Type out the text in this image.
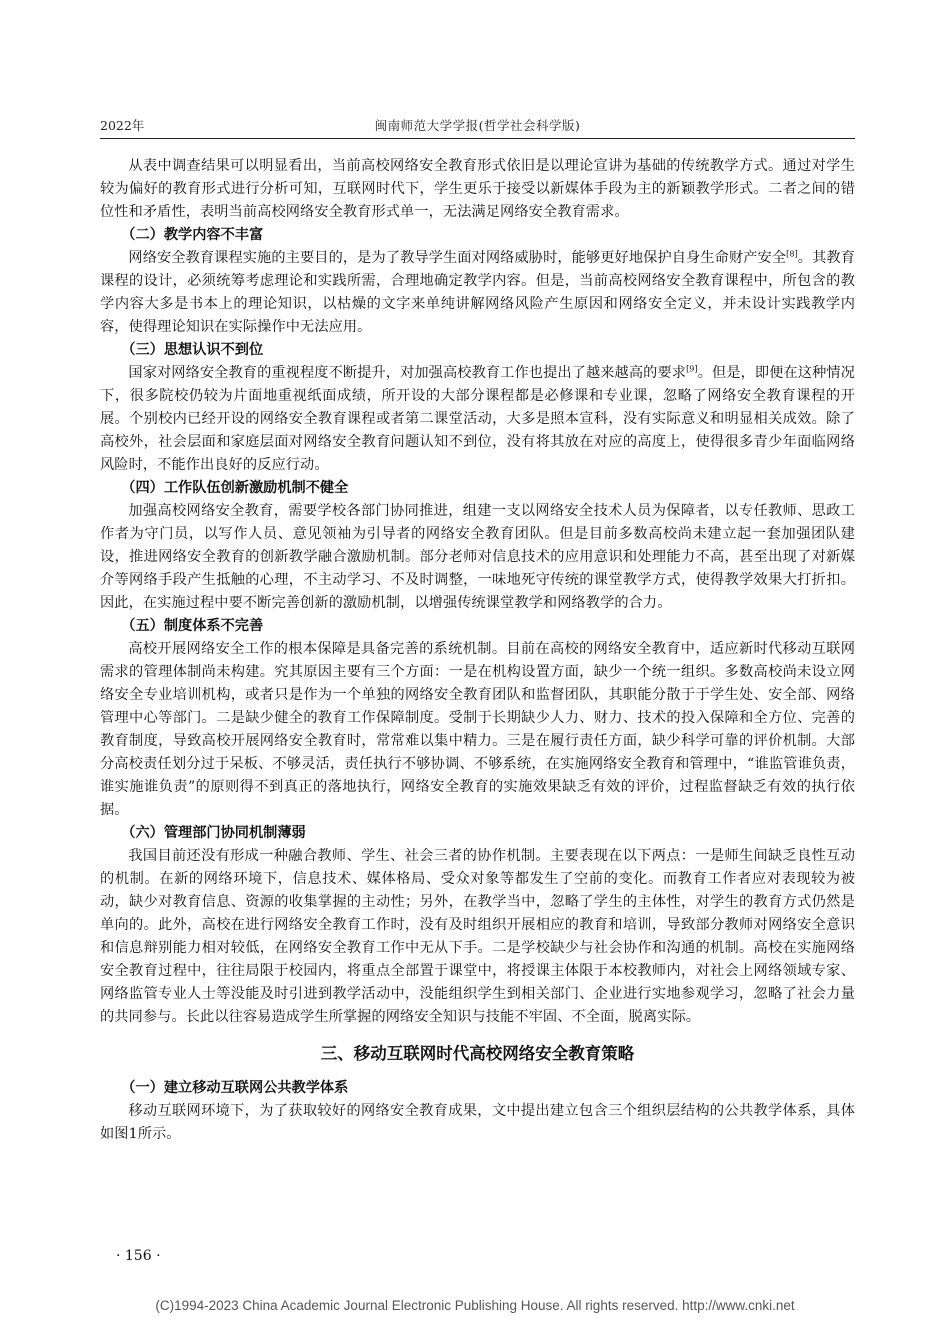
2022年	闽南师范大学学报(哲学社会科学版)

从表中调查结果可以明显看出，当前高校网络安全教育形式依旧是以理论宣讲为基础的传统教学方式。通过对学生较为偏好的教育形式进行分析可知，互联网时代下，学生更乐于接受以新媒体手段为主的新颖教学形式。二者之间的错位性和矛盾性，表明当前高校网络安全教育形式单一，无法满足网络安全教育需求。

（二）教学内容不丰富

网络安全教育课程实施的主要目的，是为了教导学生面对网络威胁时，能够更好地保护自身生命财产安全[8]。其教育课程的设计，必须统筹考虑理论和实践所需，合理地确定教学内容。但是，当前高校网络安全教育课程中，所包含的教学内容大多是书本上的理论知识，以枯燥的文字来单纯讲解网络风险产生原因和网络安全定义，并未设计实践教学内容，使得理论知识在实际操作中无法应用。

（三）思想认识不到位

国家对网络安全教育的重视程度不断提升，对加强高校教育工作也提出了越来越高的要求[9]。但是，即便在这种情况下，很多院校仍较为片面地重视纸面成绩，所开设的大部分课程都是必修课和专业课，忽略了网络安全教育课程的开展。个别校内已经开设的网络安全教育课程或者第二课堂活动，大多是照本宣科，没有实际意义和明显相关成效。除了高校外，社会层面和家庭层面对网络安全教育问题认知不到位，没有将其放在对应的高度上，使得很多青少年面临网络风险时，不能作出良好的反应行动。

（四）工作队伍创新激励机制不健全

加强高校网络安全教育，需要学校各部门协同推进，组建一支以网络安全技术人员为保障者，以专任教师、思政工作者为守门员，以写作人员、意见领袖为引导者的网络安全教育团队。但是目前多数高校尚未建立起一套加强团队建设，推进网络安全教育的创新教学融合激励机制。部分老师对信息技术的应用意识和处理能力不高，甚至出现了对新媒介等网络手段产生抵触的心理，不主动学习、不及时调整，一味地死守传统的课堂教学方式，使得教学效果大打折扣。因此，在实施过程中要不断完善创新的激励机制，以增强传统课堂教学和网络教学的合力。

（五）制度体系不完善

高校开展网络安全工作的根本保障是具备完善的系统机制。目前在高校的网络安全教育中，适应新时代移动互联网需求的管理体制尚未构建。究其原因主要有三个方面：一是在机构设置方面，缺少一个统一组织。多数高校尚未设立网络安全专业培训机构，或者只是作为一个单独的网络安全教育团队和监督团队，其职能分散于于学生处、安全部、网络管理中心等部门。二是缺少健全的教育工作保障制度。受制于长期缺少人力、财力、技术的投入保障和全方位、完善的教育制度，导致高校开展网络安全教育时，常常难以集中精力。三是在履行责任方面，缺少科学可靠的评价机制。大部分高校责任划分过于呆板、不够灵活，责任执行不够协调、不够系统，在实施网络安全教育和管理中，“谁监管谁负责，谁实施谁负责”的原则得不到真正的落地执行，网络安全教育的实施效果缺乏有效的评价，过程监督缺乏有效的执行依据。

（六）管理部门协同机制薄弱

我国目前还没有形成一种融合教师、学生、社会三者的协作机制。主要表现在以下两点：一是师生间缺乏良性互动的机制。在新的网络环境下，信息技术、媒体格局、受众对象等都发生了空前的变化。而教育工作者应对表现较为被动，缺少对教育信息、资源的收集掌握的主动性；另外，在教学当中，忽略了学生的主体性，对学生的教育方式仍然是单向的。此外，高校在进行网络安全教育工作时，没有及时组织开展相应的教育和培训，导致部分教师对网络安全意识和信息辩别能力相对较低，在网络安全教育工作中无从下手。二是学校缺少与社会协作和沟通的机制。高校在实施网络安全教育过程中，往往局限于校园内，将重点全部置于课堂中，将授课主体限于本校教师内，对社会上网络领域专家、网络监管专业人士等没能及时引进到教学活动中，没能组织学生到相关部门、企业进行实地参观学习，忽略了社会力量的共同参与。长此以往容易造成学生所掌握的网络安全知识与技能不牢固、不全面，脱离实际。

三、移动互联网时代高校网络安全教育策略
（一）建立移动互联网公共教学体系

移动互联网环境下，为了获取较好的网络安全教育成果，文中提出建立包含三个组织层结构的公共教学体系，具体如图1所示。

· 156 ·
(C)1994-2023 China Academic Journal Electronic Publishing House. All rights reserved. http://www.cnki.net
